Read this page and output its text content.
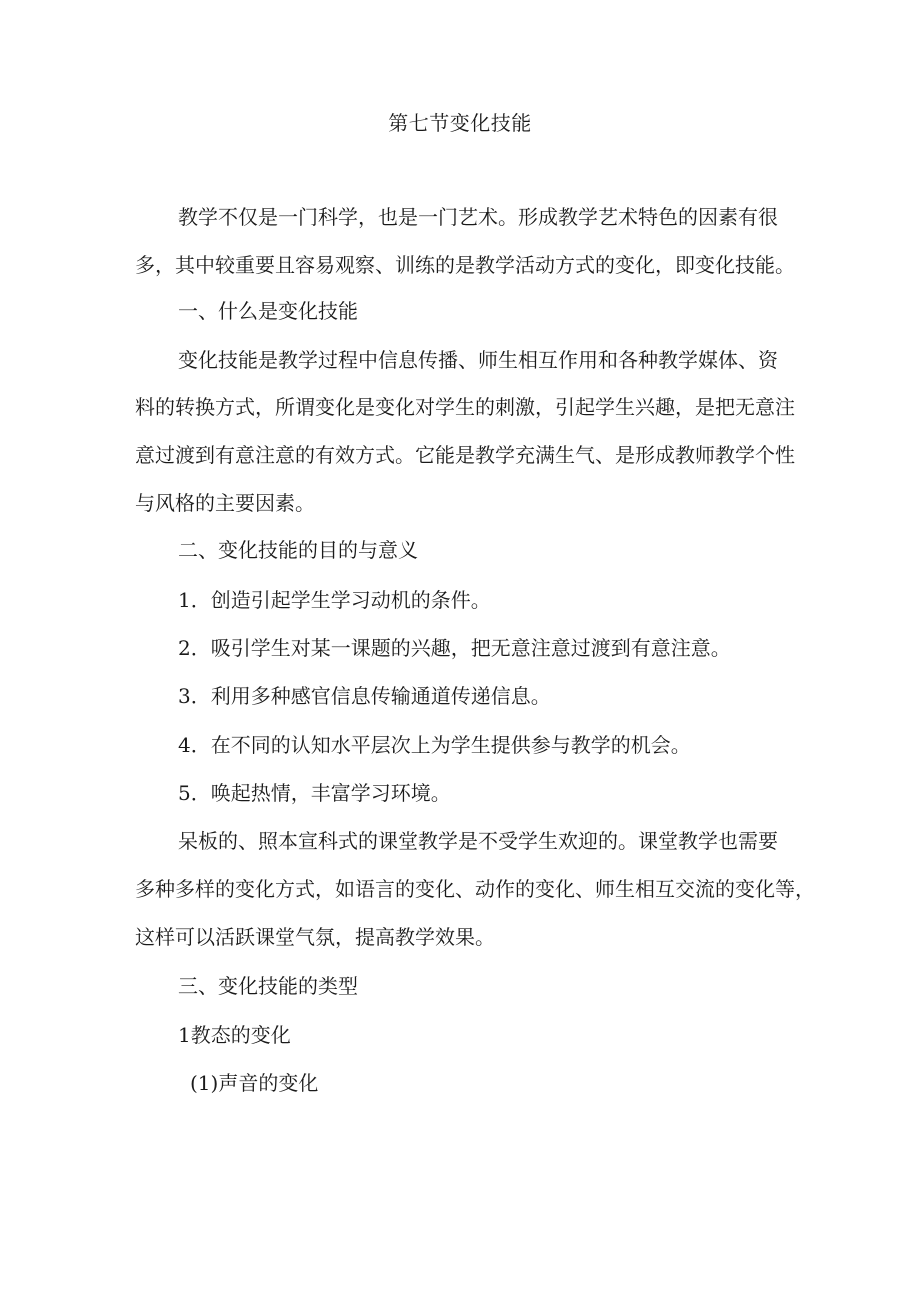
第七节变化技能
教学不仅是一门科学，也是一门艺术。形成教学艺术特色的因素有很
多，其中较重要且容易观察、训练的是教学活动方式的变化，即变化技能。
一、什么是变化技能
变化技能是教学过程中信息传播、师生相互作用和各种教学媒体、资
料的转换方式，所谓变化是变化对学生的刺激，引起学生兴趣，是把无意注
意过渡到有意注意的有效方式。它能是教学充满生气、是形成教师教学个性
与风格的主要因素。
二、变化技能的目的与意义
1．创造引起学生学习动机的条件。
2．吸引学生对某一课题的兴趣，把无意注意过渡到有意注意。
3．利用多种感官信息传输通道传递信息。
4．在不同的认知水平层次上为学生提供参与教学的机会。
5．唤起热情，丰富学习环境。
呆板的、照本宣科式的课堂教学是不受学生欢迎的。课堂教学也需要
多种多样的变化方式，如语言的变化、动作的变化、师生相互交流的变化等，
这样可以活跃课堂气氛，提高教学效果。
三、变化技能的类型
1教态的变化
(1)声音的变化
